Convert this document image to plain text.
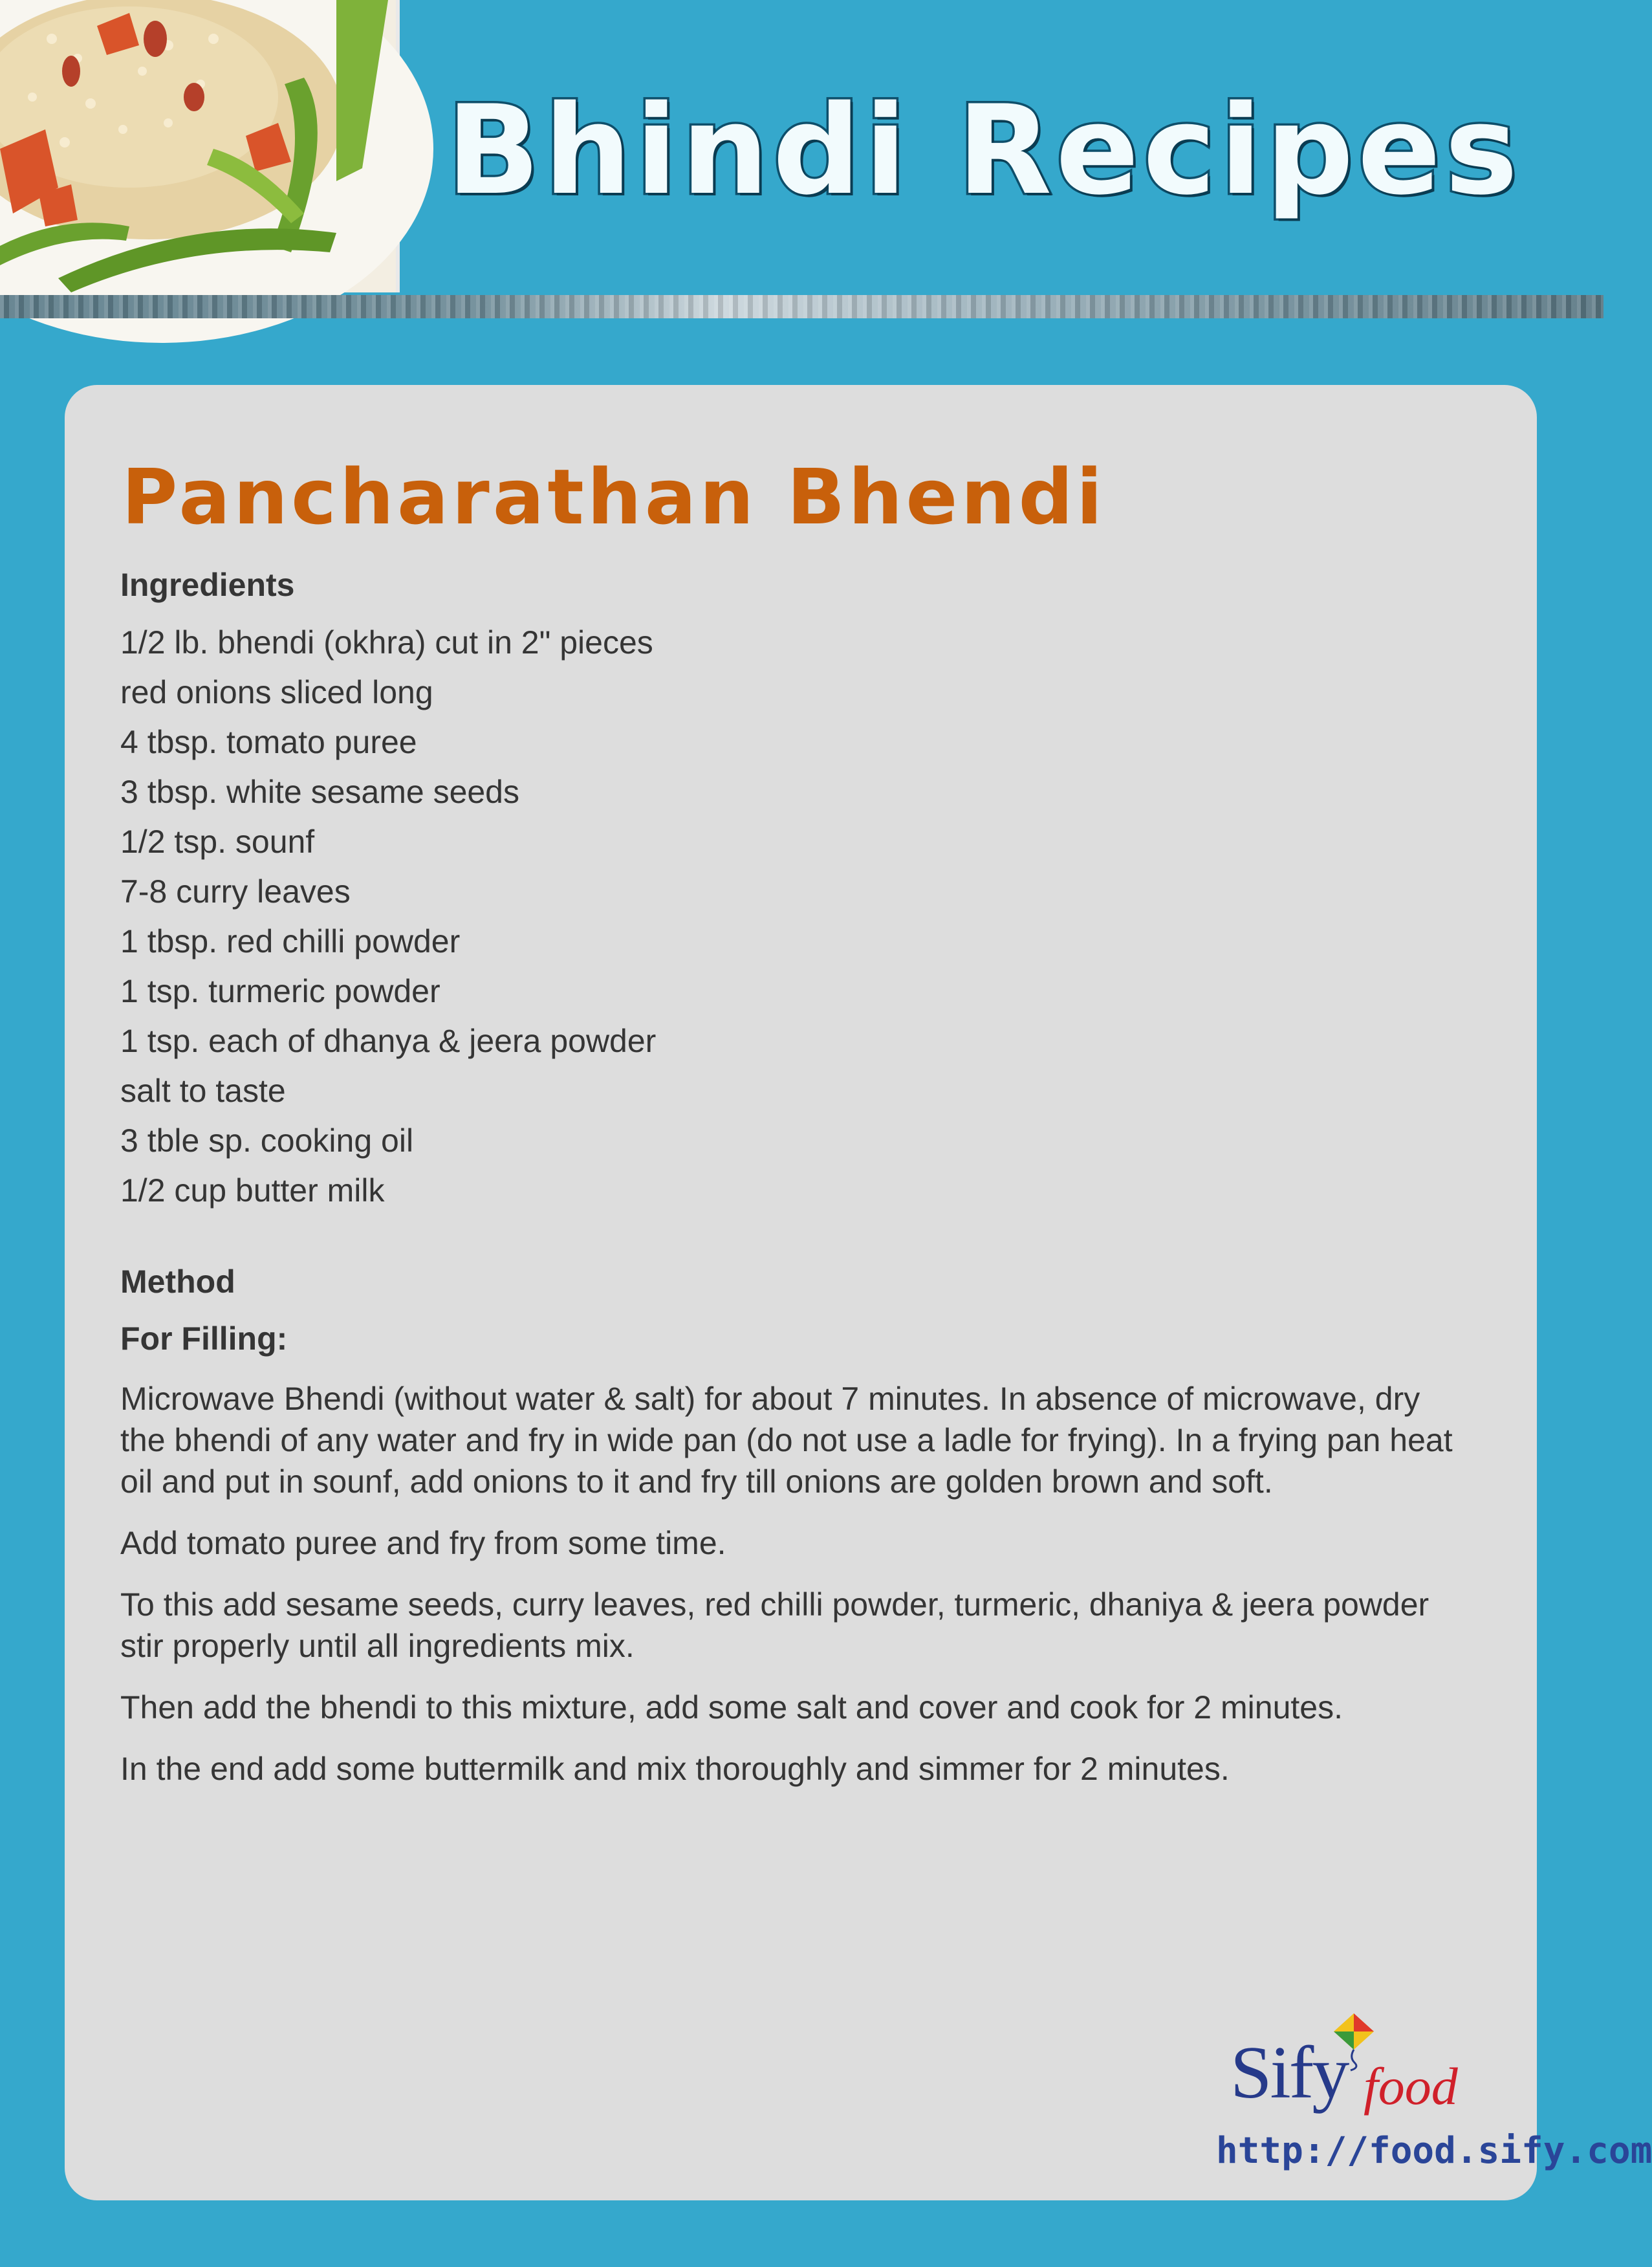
Bhindi Recipes
Pancharathan Bhendi
Ingredients
1/2 lb. bhendi (okhra) cut in 2" pieces
red onions sliced long
4 tbsp. tomato puree
3 tbsp. white sesame seeds
1/2 tsp. sounf
7-8 curry leaves
1 tbsp. red chilli powder
1 tsp. turmeric powder
1 tsp. each of dhanya & jeera powder
salt to taste
3 tble sp. cooking oil
1/2 cup butter milk
Method
For Filling:

Microwave Bhendi (without water & salt) for about 7 minutes. In absence of microwave, dry the bhendi of any water and fry in wide pan (do not use a ladle for frying). In a frying pan heat oil and put in sounf, add onions to it and fry till onions are golden brown and soft.

Add tomato puree and fry from some time.

To this add sesame seeds, curry leaves, red chilli powder, turmeric, dhaniya & jeera powder stir properly until all ingredients mix.

Then add the bhendi to this mixture, add some salt and cover and cook for 2 minutes.

In the end add some buttermilk and mix thoroughly and simmer for 2 minutes.

Sify food
http://food.sify.com
